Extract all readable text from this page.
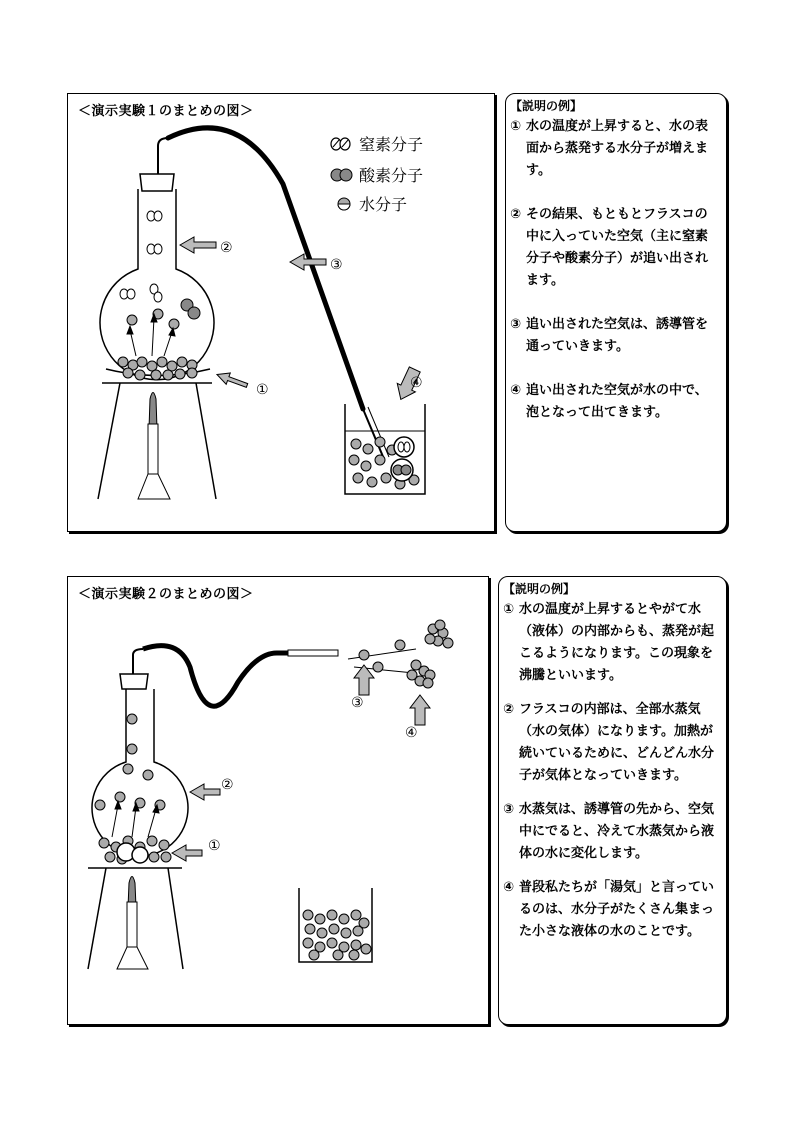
＜演示実験１のまとめの図＞
窒素分子
酸素分子
水分子
①
②
③
④
【説明の例】
① 水の温度が上昇すると、水の表面から蒸発する水分子が増えます。
② その結果、もともとフラスコの中に入っていた空気（主に窒素分子や酸素分子）が追い出されます。
③ 追い出された空気は、誘導管を通っていきます。
④ 追い出された空気が水の中で、泡となって出てきます。
＜演示実験２のまとめの図＞
①
②
③
④
【説明の例】
① 水の温度が上昇するとやがて水（液体）の内部からも、蒸発が起こるようになります。この現象を沸騰といいます。
② フラスコの内部は、全部水蒸気（水の気体）になります。加熱が続いているために、どんどん水分子が気体となっていきます。
③ 水蒸気は、誘導管の先から、空気中にでると、冷えて水蒸気から液体の水に変化します。
④ 普段私たちが「湯気」と言っているのは、水分子がたくさん集まった小さな液体の水のことです。
